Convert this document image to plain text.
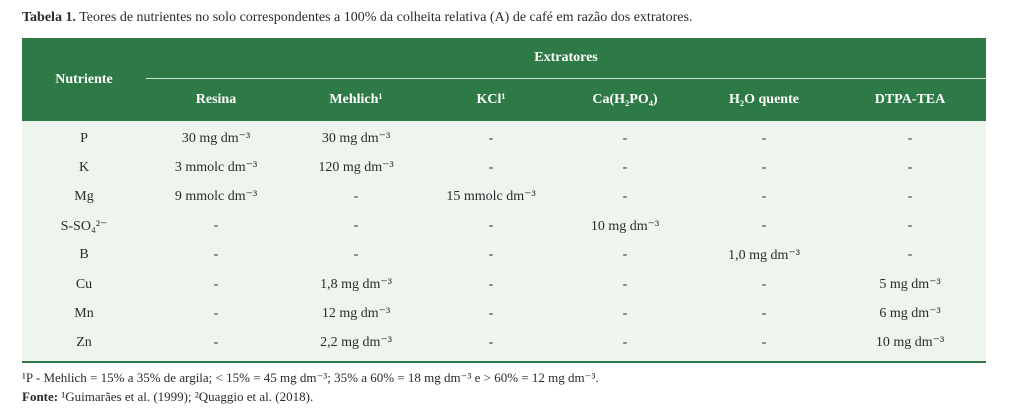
Tabela 1. Teores de nutrientes no solo correspondentes a 100% da colheita relativa (A) de café em razão dos extratores.
Nutriente
Extratores
Resina	Mehlich¹	KCl¹	Ca(H₂PO₄)	H₂O quente	DTPA-TEA
P	30 mg dm⁻³	30 mg dm⁻³	-	-	-	-
K	3 mmolc dm⁻³	120 mg dm⁻³	-	-	-	-
Mg	9 mmolc dm⁻³	-	15 mmolc dm⁻³	-	-	-
S-SO₄²⁻	-	-	-	10 mg dm⁻³	-	-
B	-	-	-	-	1,0 mg dm⁻³	-
Cu	-	1,8 mg dm⁻³	-	-	-	5 mg dm⁻³
Mn	-	12 mg dm⁻³	-	-	-	6 mg dm⁻³
Zn	-	2,2 mg dm⁻³	-	-	-	10 mg dm⁻³
¹P - Mehlich = 15% a 35% de argila; < 15% = 45 mg dm⁻³; 35% a 60% = 18 mg dm⁻³ e > 60% = 12 mg dm⁻³.
Fonte: ¹Guimarães et al. (1999); ²Quaggio et al. (2018).
